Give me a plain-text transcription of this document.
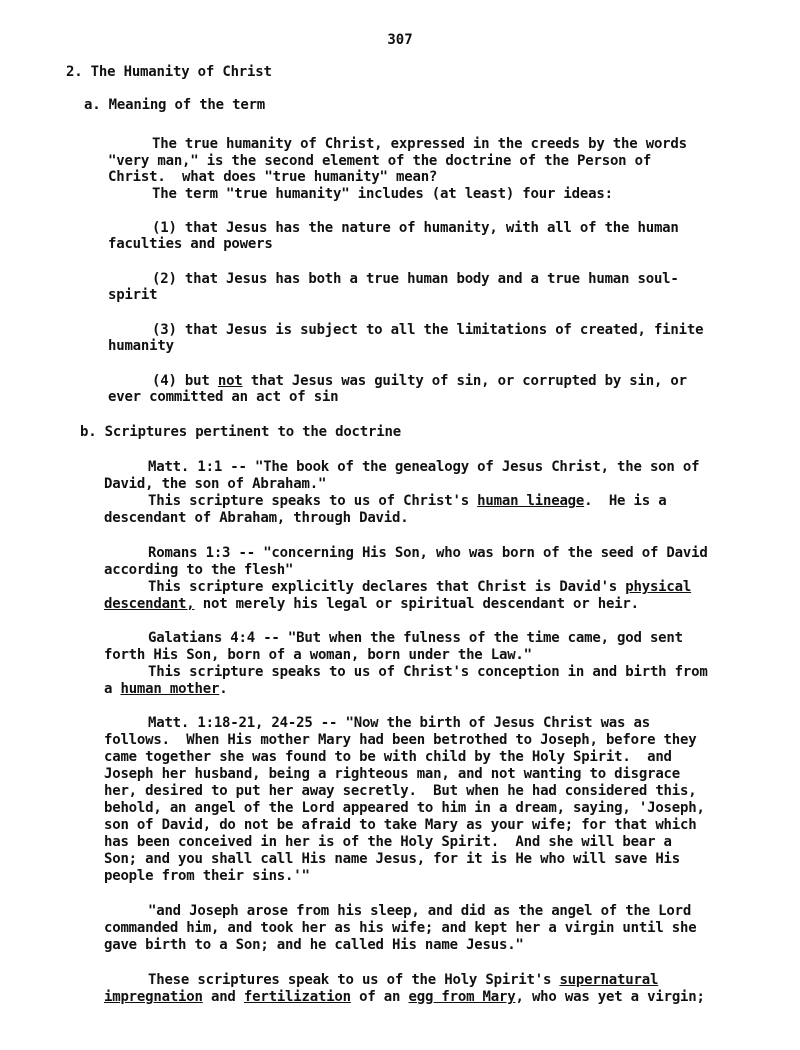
307
2. The Humanity of Christ
a. Meaning of the term
The true humanity of Christ, expressed in the creeds by the words
"very man," is the second element of the doctrine of the Person of
Christ.  what does "true humanity" mean?
The term "true humanity" includes (at least) four ideas:
(1) that Jesus has the nature of humanity, with all of the human
faculties and powers
(2) that Jesus has both a true human body and a true human soul-
spirit
(3) that Jesus is subject to all the limitations of created, finite
humanity
(4) but not that Jesus was guilty of sin, or corrupted by sin, or
ever committed an act of sin
b. Scriptures pertinent to the doctrine
Matt. 1:1 -- "The book of the genealogy of Jesus Christ, the son of
David, the son of Abraham."
This scripture speaks to us of Christ's human lineage.  He is a
descendant of Abraham, through David.
Romans 1:3 -- "concerning His Son, who was born of the seed of David
according to the flesh"
This scripture explicitly declares that Christ is David's physical
descendant, not merely his legal or spiritual descendant or heir.
Galatians 4:4 -- "But when the fulness of the time came, god sent
forth His Son, born of a woman, born under the Law."
This scripture speaks to us of Christ's conception in and birth from
a human mother.
Matt. 1:18-21, 24-25 -- "Now the birth of Jesus Christ was as
follows.  When His mother Mary had been betrothed to Joseph, before they
came together she was found to be with child by the Holy Spirit.  and
Joseph her husband, being a righteous man, and not wanting to disgrace
her, desired to put her away secretly.  But when he had considered this,
behold, an angel of the Lord appeared to him in a dream, saying, 'Joseph,
son of David, do not be afraid to take Mary as your wife; for that which
has been conceived in her is of the Holy Spirit.  And she will bear a
Son; and you shall call His name Jesus, for it is He who will save His
people from their sins.'"
"and Joseph arose from his sleep, and did as the angel of the Lord
commanded him, and took her as his wife; and kept her a virgin until she
gave birth to a Son; and he called His name Jesus."
These scriptures speak to us of the Holy Spirit's supernatural
impregnation and fertilization of an egg from Mary, who was yet a virgin;
